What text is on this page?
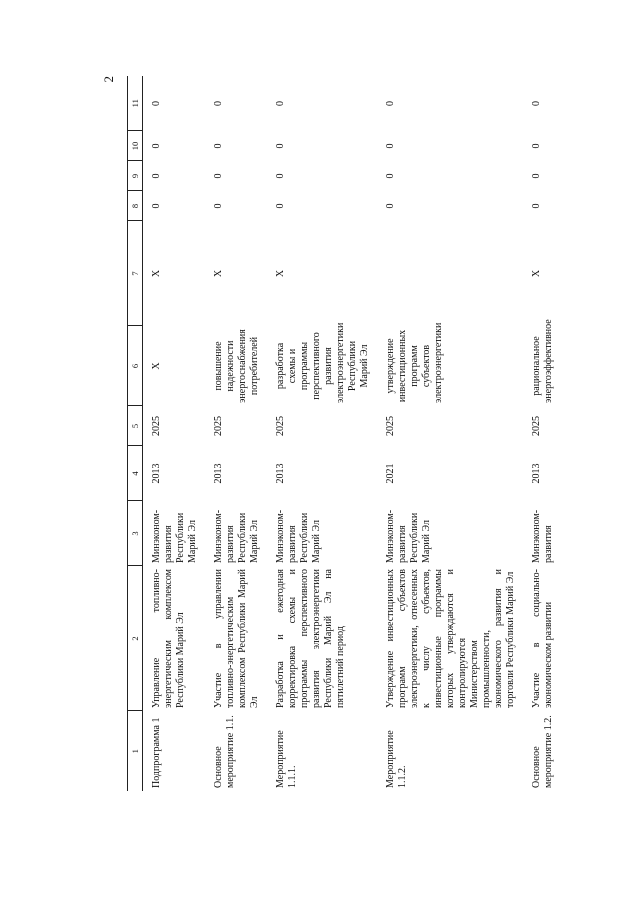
2
1	2	3	4	5	6	7	8	9	10	11
Подпрограмма 1	Управление топливно-энергетическим комплексом Республики Марий Эл	Минэконом-развития Республики Марий Эл	2013	2025	X	X	0	0	0	0
Основное мероприятие 1.1.	Участие в управлении топливно-энергетическим комплексом Республики Марий Эл	Минэконом-развития Республики Марий Эл	2013	2025	повышение надежности энергоснабжения потребителей	X	0	0	0	0
Мероприятие 1.1.1.	Разработка и ежегодная корректировка схемы и программы перспективного развития электроэнергетики Республики Марий Эл на пятилетний период	Минэконом-развития Республики Марий Эл	2013	2025	разработка схемы и программы перспективного развития электроэнергетики Республики Марий Эл	X	0	0	0	0
Мероприятие 1.1.2.	Утверждение инвестиционных программ субъектов электроэнергетики, отнесенных к числу субъектов, инвестиционные программы которых утверждаются и контролируются Министерством промышленности, экономического развития и торговли Республики Марий Эл	Минэконом-развития Республики Марий Эл	2021	2025	утверждение инвестиционных программ субъектов электроэнергетики		0	0	0	0
Основное мероприятие 1.2.	Участие в социально-экономическом развитии	Минэконом-развития	2013	2025	рациональное энергоэффективное	X	0	0	0	0
